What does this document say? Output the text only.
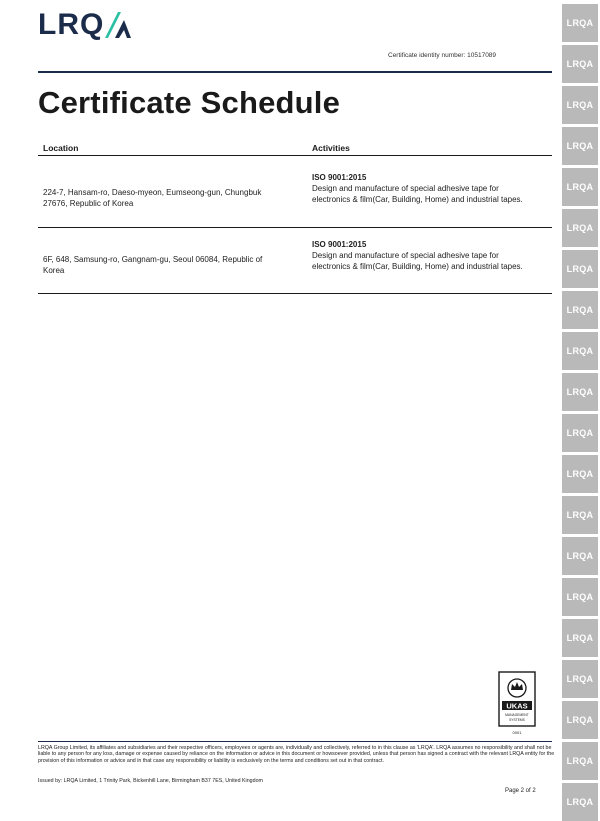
LRQ
Certificate identity number: 10517089
Certificate Schedule
Location	Activities
224-7, Hansam-ro, Daeso-myeon, Eumseong-gun, Chungbuk 27676, Republic of Korea
ISO 9001:2015
Design and manufacture of special adhesive tape for electronics & film(Car, Building, Home) and industrial tapes.
6F, 648, Samsung-ro, Gangnam-gu, Seoul 06084, Republic of Korea
ISO 9001:2015
Design and manufacture of special adhesive tape for electronics & film(Car, Building, Home) and industrial tapes.
UKAS
MANAGEMENT
SYSTEMS
0001
LRQA Group Limited, its affiliates and subsidiaries and their respective officers, employees or agents are, individually and collectively, referred to in this clause as 'LRQA'. LRQA assumes no responsibility and shall not be liable to any person for any loss, damage or expense caused by reliance on the information or advice in this document or howsoever provided, unless that person has signed a contract with the relevant LRQA entity for the provision of this information or advice and in that case any responsibility or liability is exclusively on the terms and conditions set out in that contract.
Issued by: LRQA Limited, 1 Trinity Park, Bickenhill Lane, Birmingham B37 7ES, United Kingdom
Page 2 of 2
LRQA
LRQA
LRQA
LRQA
LRQA
LRQA
LRQA
LRQA
LRQA
LRQA
LRQA
LRQA
LRQA
LRQA
LRQA
LRQA
LRQA
LRQA
LRQA
LRQA
